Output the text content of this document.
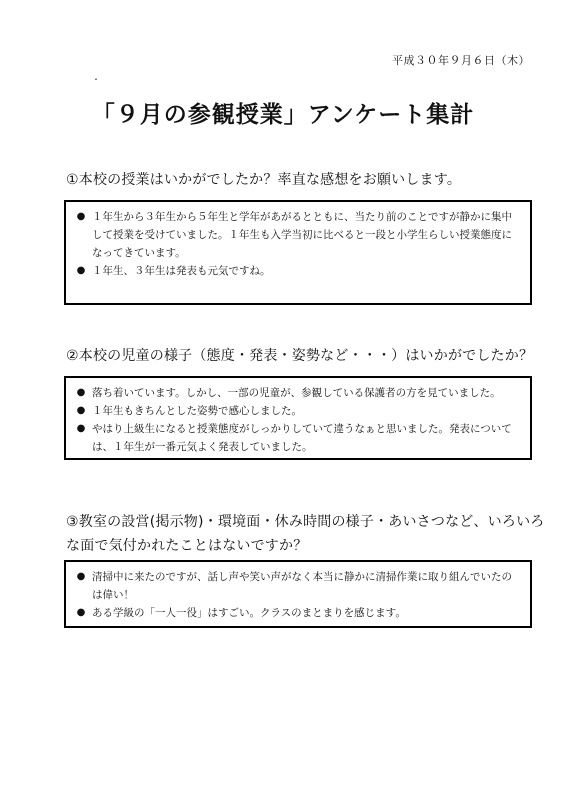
平成３０年９月６日（木）
・
「９月の参観授業」アンケート集計
①本校の授業はいかがでしたか？率直な感想をお願いします。
● １年生から３年生から５年生と学年があがるとともに、当たり前のことですが静かに集中して授業を受けていました。１年生も入学当初に比べると一段と小学生らしい授業態度になってきています。
● １年生、３年生は発表も元気ですね。
②本校の児童の様子（態度・発表・姿勢など・・・）はいかがでしたか？
● 落ち着いています。しかし、一部の児童が、参観している保護者の方を見ていました。
● １年生もきちんとした姿勢で感心しました。
● やはり上級生になると授業態度がしっかりしていて違うなぁと思いました。発表については、１年生が一番元気よく発表していました。
③教室の設営(掲示物)・環境面・休み時間の様子・あいさつなど、いろいろな面で気付かれたことはないですか？
● 清掃中に来たのですが、話し声や笑い声がなく本当に静かに清掃作業に取り組んでいたのは偉い！
● ある学級の「一人一役」はすごい。クラスのまとまりを感じます。
